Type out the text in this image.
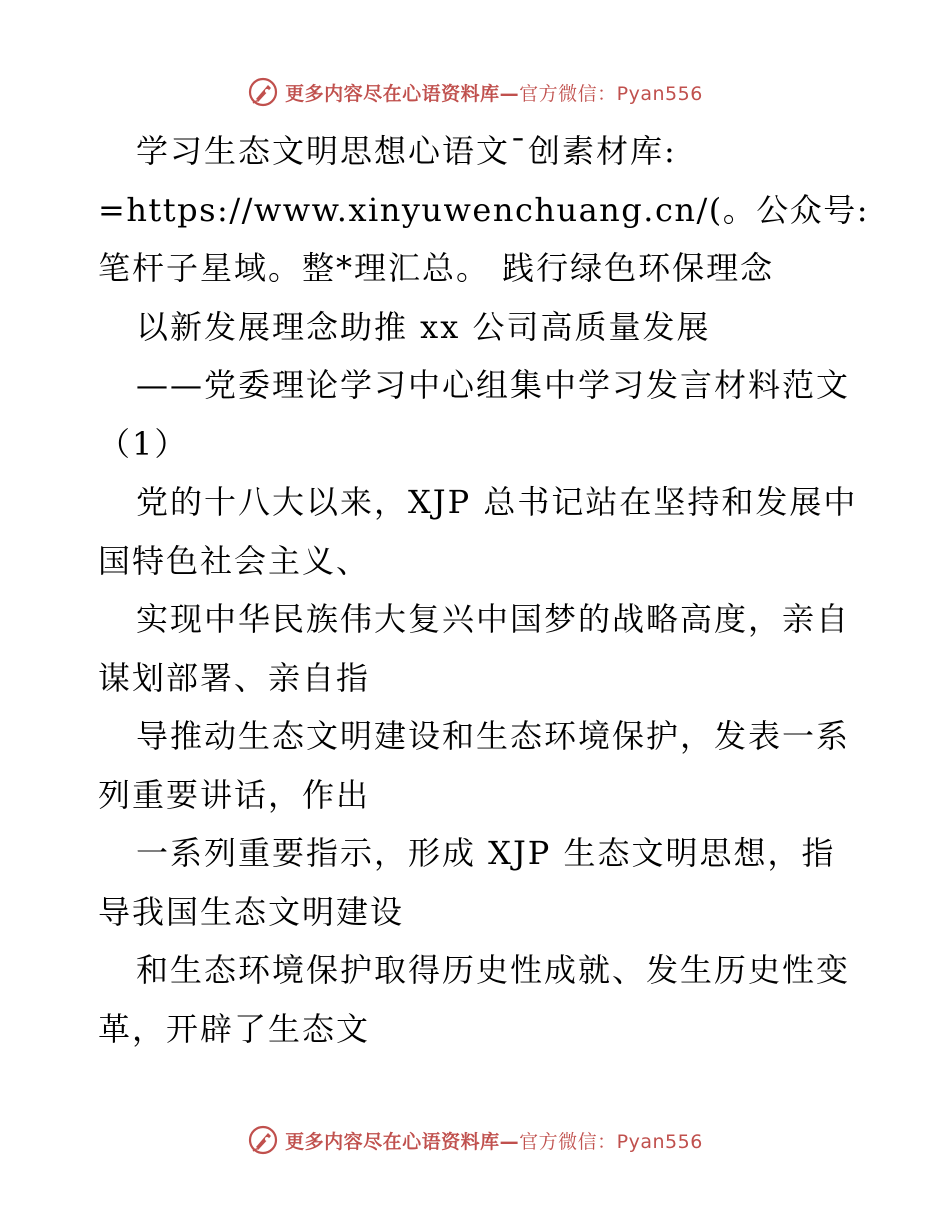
更多内容尽在心语资料库—官方微信：Pyan556
学习生态文明思想心语文¯创素材库:
=https://www.xinyuwenchuang.cn/(。公众号:
笔杆子星域。整*理汇总。 践行绿色环保理念
以新发展理念助推 xx 公司高质量发展
——党委理论学习中心组集中学习发言材料范文
（1）
党的十八大以来，XJP 总书记站在坚持和发展中
国特色社会主义、
实现中华民族伟大复兴中国梦的战略高度，亲自
谋划部署、亲自指
导推动生态文明建设和生态环境保护，发表一系
列重要讲话，作出
一系列重要指示，形成 XJP 生态文明思想，指
导我国生态文明建设
和生态环境保护取得历史性成就、发生历史性变
革，开辟了生态文
更多内容尽在心语资料库—官方微信：Pyan556
